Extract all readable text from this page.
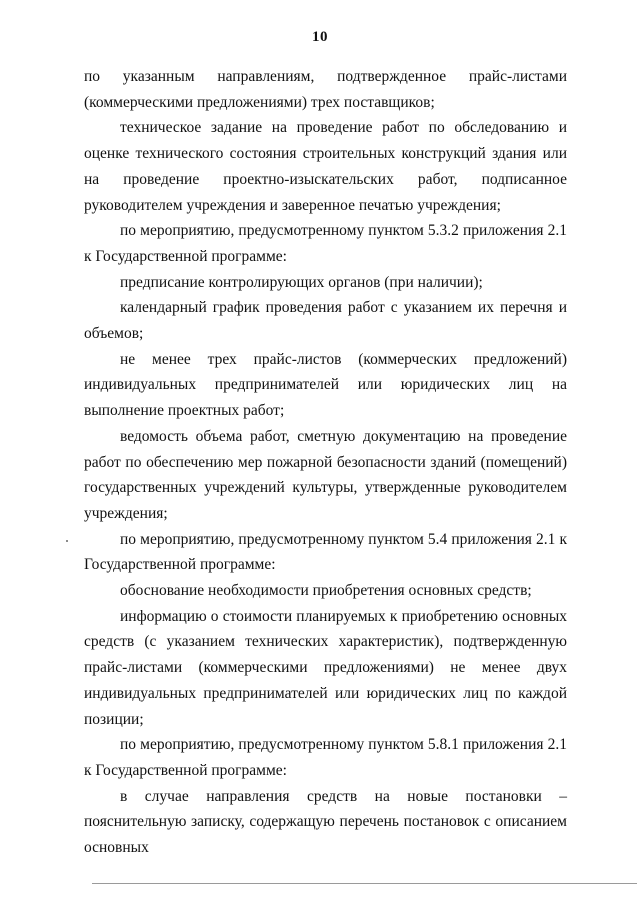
10

по указанным направлениям, подтвержденное прайс-листами (коммерческими предложениями) трех поставщиков;

техническое задание на проведение работ по обследованию и оценке технического состояния строительных конструкций здания или на проведение проектно-изыскательских работ, подписанное руководителем учреждения и заверенное печатью учреждения;

по мероприятию, предусмотренному пунктом 5.3.2 приложения 2.1 к Государственной программе:

предписание контролирующих органов (при наличии);

календарный график проведения работ с указанием их перечня и объемов;

не менее трех прайс-листов (коммерческих предложений) индивидуальных предпринимателей или юридических лиц на выполнение проектных работ;

ведомость объема работ, сметную документацию на проведение работ по обеспечению мер пожарной безопасности зданий (помещений) государственных учреждений культуры, утвержденные руководителем учреждения;

по мероприятию, предусмотренному пунктом 5.4 приложения 2.1 к Государственной программе:

обоснование необходимости приобретения основных средств;

информацию о стоимости планируемых к приобретению основных средств (с указанием технических характеристик), подтвержденную прайс-листами (коммерческими предложениями) не менее двух индивидуальных предпринимателей или юридических лиц по каждой позиции;

по мероприятию, предусмотренному пунктом 5.8.1 приложения 2.1 к Государственной программе:

в случае направления средств на новые постановки – пояснительную записку, содержащую перечень постановок с описанием основных
